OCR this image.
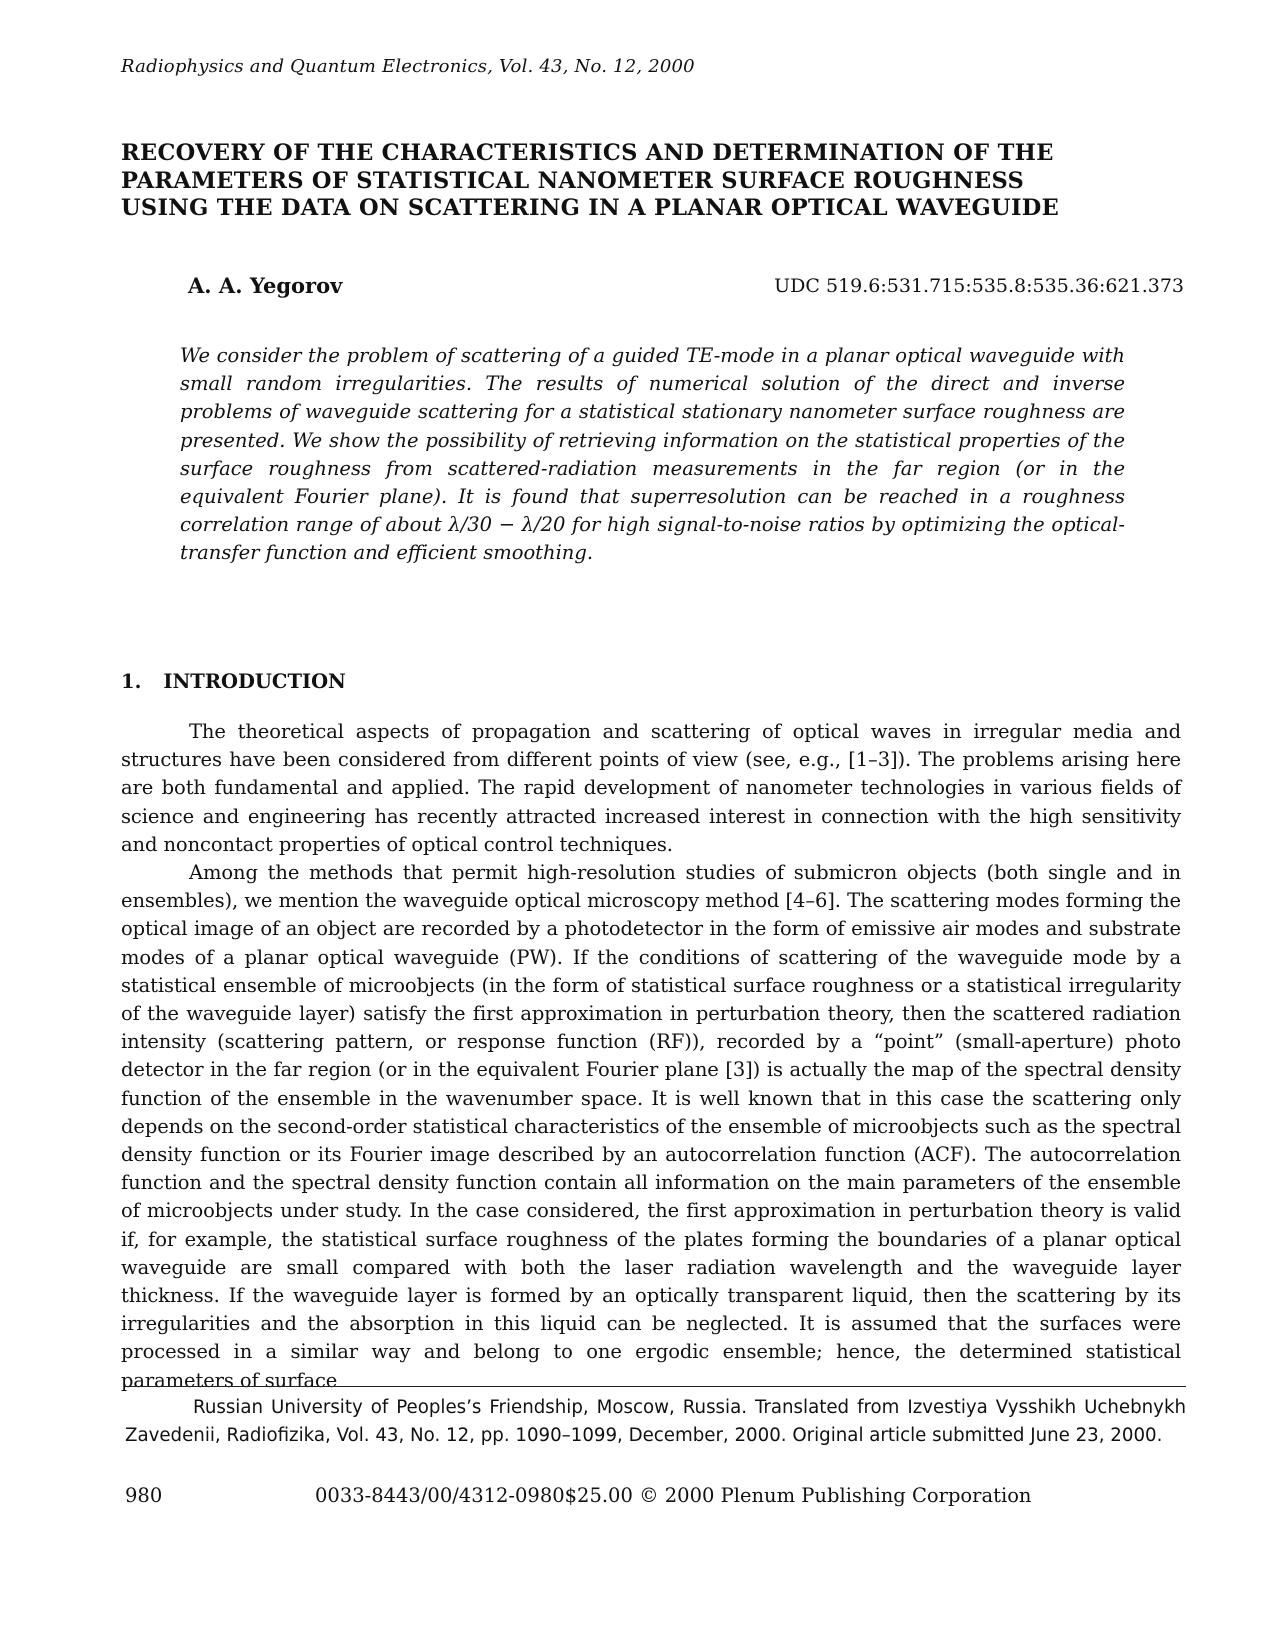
Radiophysics and Quantum Electronics, Vol. 43, No. 12, 2000
RECOVERY OF THE CHARACTERISTICS AND DETERMINATION OF THE
PARAMETERS OF STATISTICAL NANOMETER SURFACE ROUGHNESS
USING THE DATA ON SCATTERING IN A PLANAR OPTICAL WAVEGUIDE
A. A. Yegorov	UDC 519.6:531.715:535.8:535.36:621.373

We consider the problem of scattering of a guided TE-mode in a planar optical waveguide with small random irregularities. The results of numerical solution of the direct and inverse problems of waveguide scattering for a statistical stationary nanometer surface roughness are presented. We show the possibility of retrieving information on the statistical properties of the surface roughness from scattered-radiation measurements in the far region (or in the equivalent Fourier plane). It is found that superresolution can be reached in a roughness correlation range of about λ/30 − λ/20 for high signal-to-noise ratios by optimizing the optical-transfer function and efficient smoothing.

1. INTRODUCTION

The theoretical aspects of propagation and scattering of optical waves in irregular media and structures have been considered from different points of view (see, e.g., [1–3]). The problems arising here are both fundamental and applied. The rapid development of nanometer technologies in various fields of science and engineering has recently attracted increased interest in connection with the high sensitivity and noncontact properties of optical control techniques.

Among the methods that permit high-resolution studies of submicron objects (both single and in ensembles), we mention the waveguide optical microscopy method [4–6]. The scattering modes forming the optical image of an object are recorded by a photodetector in the form of emissive air modes and substrate modes of a planar optical waveguide (PW). If the conditions of scattering of the waveguide mode by a statistical ensemble of microobjects (in the form of statistical surface roughness or a statistical irregularity of the waveguide layer) satisfy the first approximation in perturbation theory, then the scattered radiation intensity (scattering pattern, or response function (RF)), recorded by a “point” (small-aperture) photo detector in the far region (or in the equivalent Fourier plane [3]) is actually the map of the spectral density function of the ensemble in the wavenumber space. It is well known that in this case the scattering only depends on the second-order statistical characteristics of the ensemble of microobjects such as the spectral density function or its Fourier image described by an autocorrelation function (ACF). The autocorrelation function and the spectral density function contain all information on the main parameters of the ensemble of microobjects under study. In the case considered, the first approximation in perturbation theory is valid if, for example, the statistical surface roughness of the plates forming the boundaries of a planar optical waveguide are small compared with both the laser radiation wavelength and the waveguide layer thickness. If the waveguide layer is formed by an optically transparent liquid, then the scattering by its irregularities and the absorption in this liquid can be neglected. It is assumed that the surfaces were processed in a similar way and belong to one ergodic ensemble; hence, the determined statistical parameters of surface

Russian University of Peoples’s Friendship, Moscow, Russia. Translated from Izvestiya Vysshikh Uchebnykh Zavedenii, Radiofizika, Vol. 43, No. 12, pp. 1090–1099, December, 2000. Original article submitted June 23, 2000.

980	0033-8443/00/4312-0980$25.00 © 2000 Plenum Publishing Corporation
